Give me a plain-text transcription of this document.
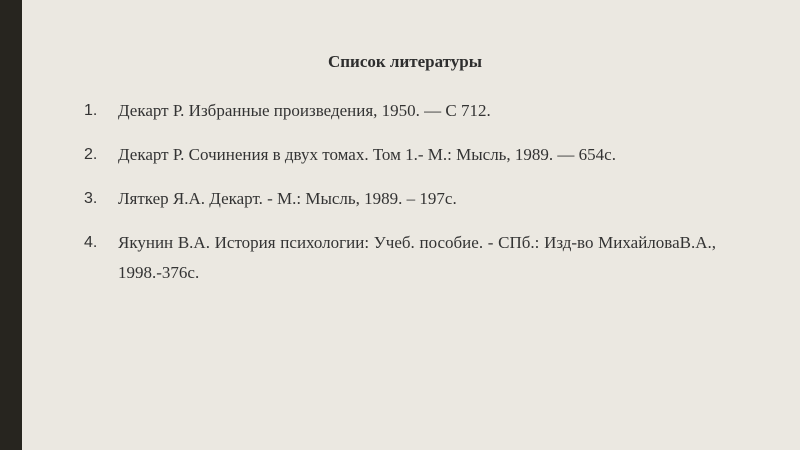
Список литературы
1.	Декарт Р. Избранные произведения, 1950. — С 712.
2.	Декарт Р. Сочинения в двух томах. Том 1.- М.: Мысль, 1989. — 654с.
3.	Ляткер Я.А. Декарт. - М.: Мысль, 1989. – 197с.
4.	Якунин В.А. История психологии: Учеб. пособие. - СПб.: Изд-во МихайловаВ.А., 1998.-376с.
